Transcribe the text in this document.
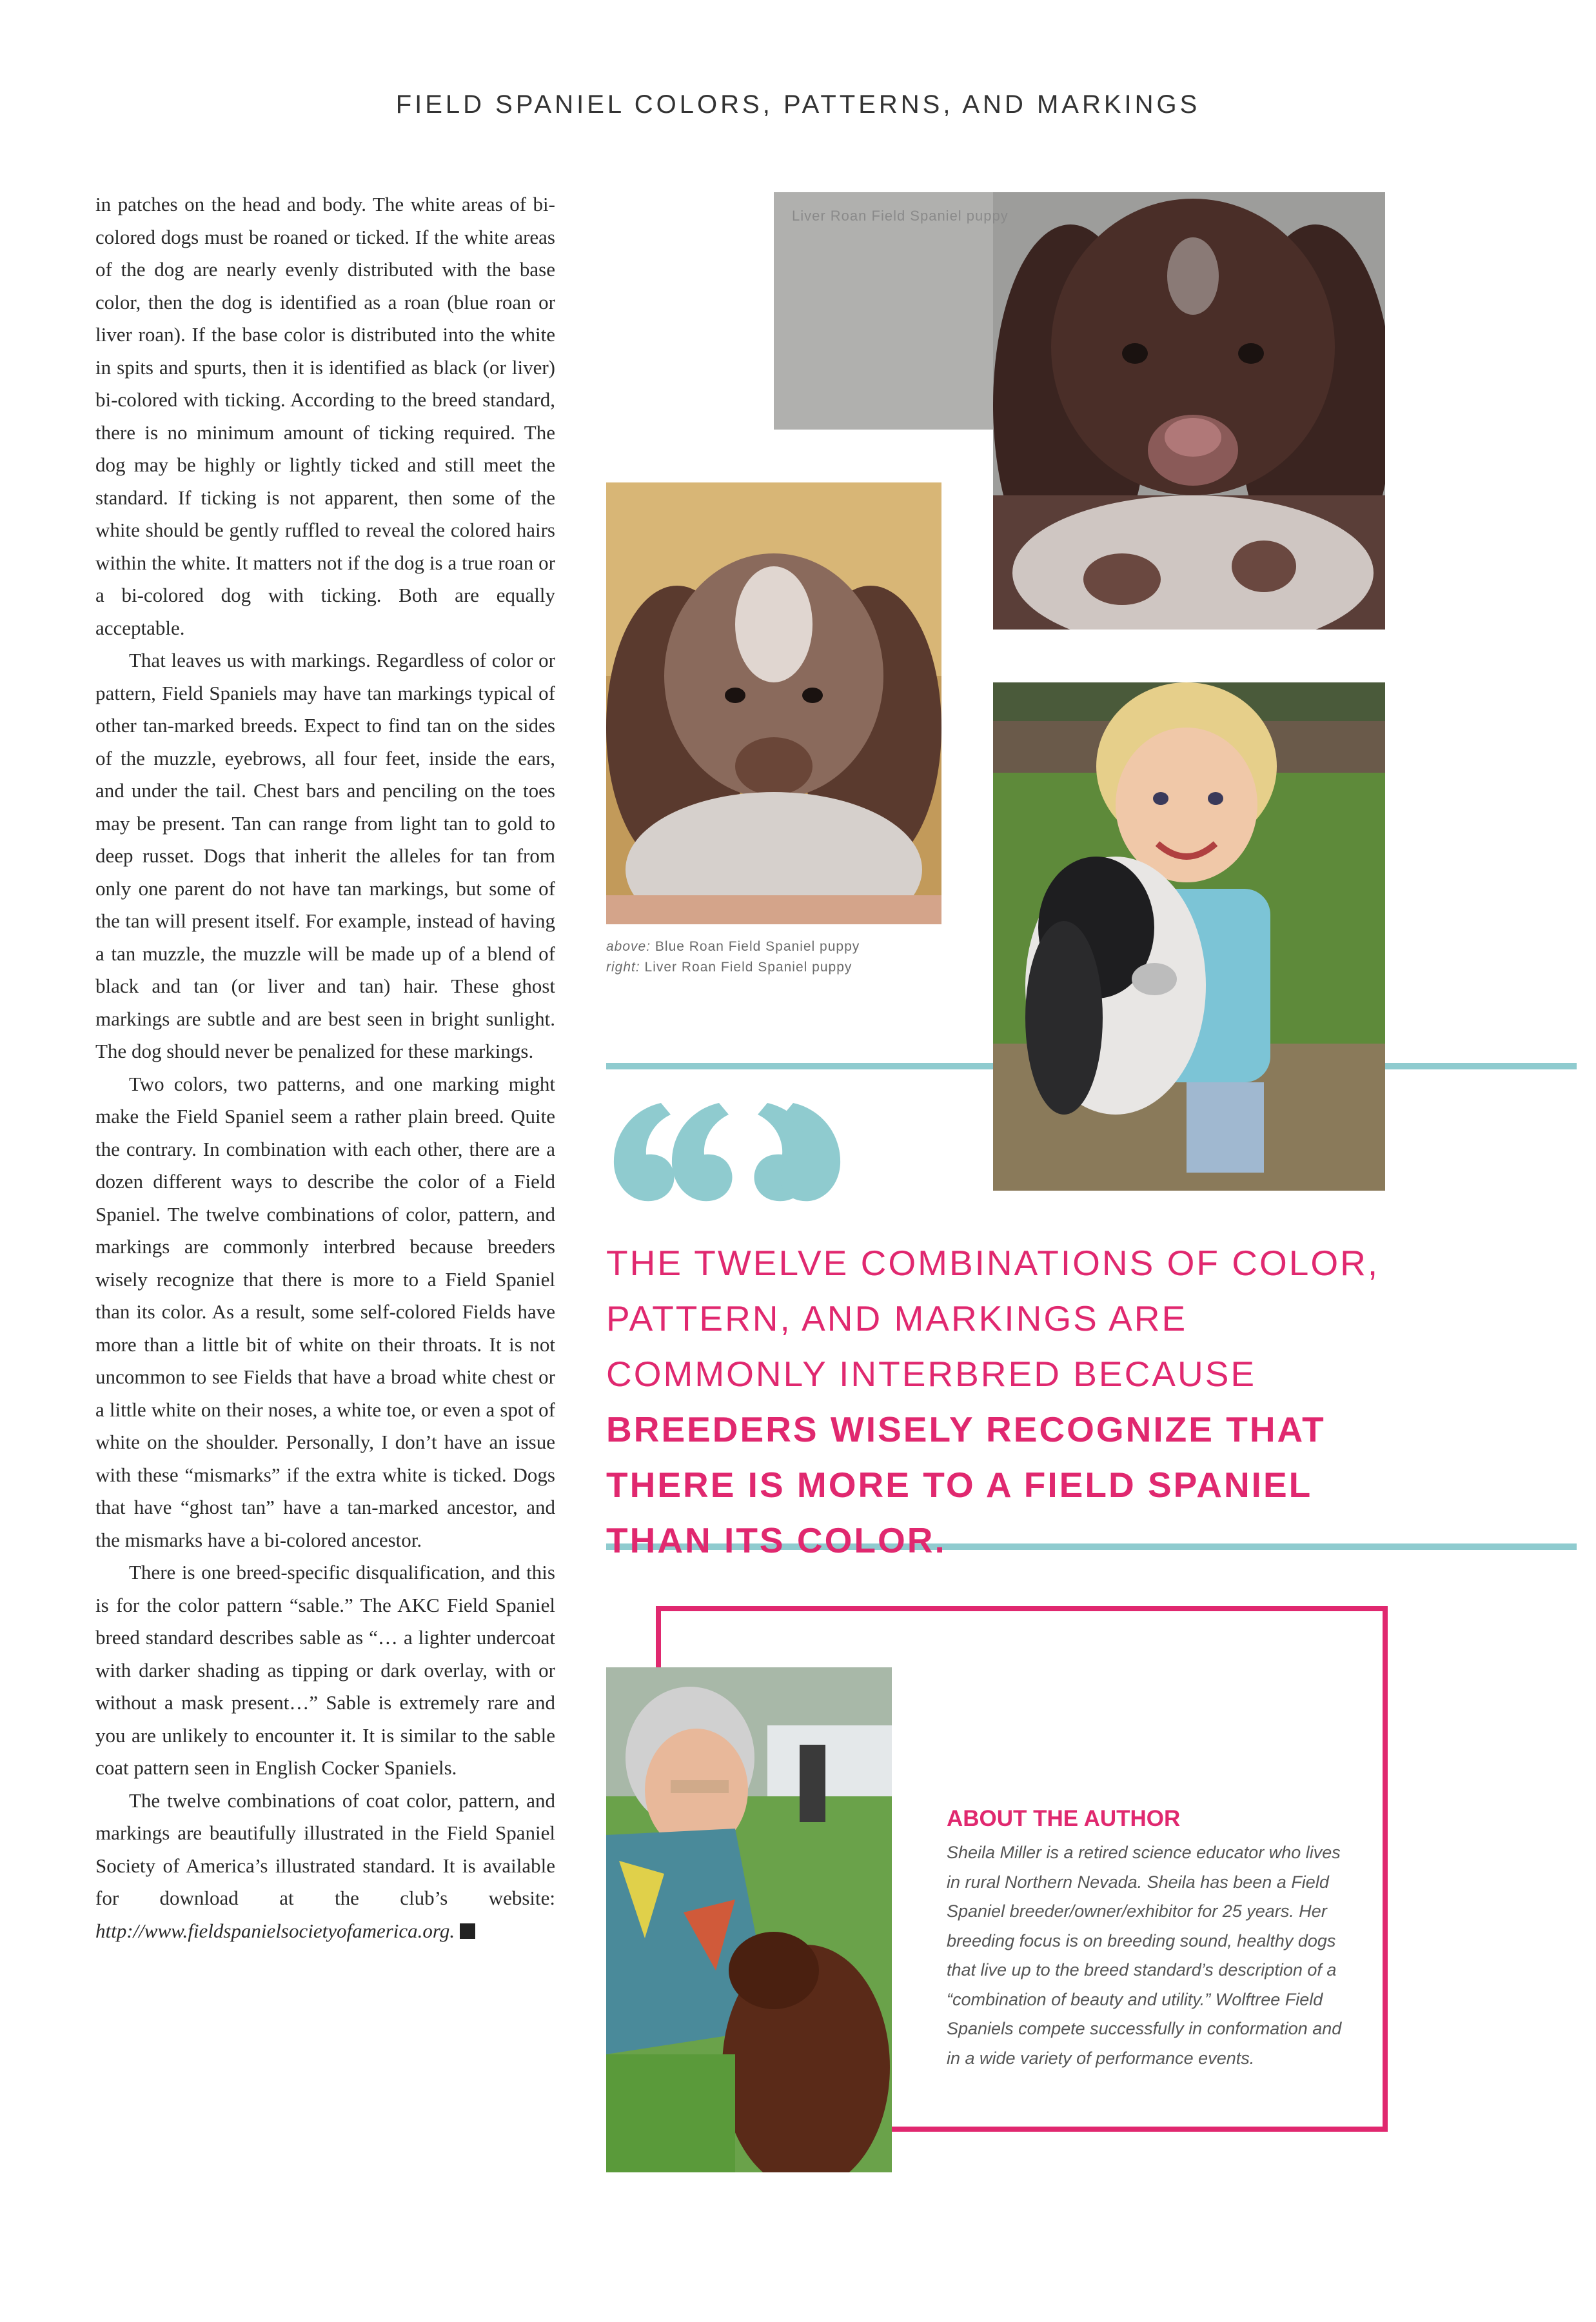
FIELD SPANIEL COLORS, PATTERNS, AND MARKINGS

in patches on the head and body. The white areas of bi-colored dogs must be roaned or ticked. If the white areas of the dog are nearly evenly distributed with the base color, then the dog is identified as a roan (blue roan or liver roan). If the base color is distributed into the white in spits and spurts, then it is identified as black (or liver) bi-colored with ticking. According to the breed standard, there is no minimum amount of ticking required. The dog may be highly or lightly ticked and still meet the standard. If ticking is not apparent, then some of the white should be gently ruffled to reveal the colored hairs within the white. It matters not if the dog is a true roan or a bi-colored dog with ticking. Both are equally acceptable.

That leaves us with markings. Regardless of color or pattern, Field Spaniels may have tan markings typical of other tan-marked breeds. Expect to find tan on the sides of the muzzle, eyebrows, all four feet, inside the ears, and under the tail. Chest bars and penciling on the toes may be present. Tan can range from light tan to gold to deep russet. Dogs that inherit the alleles for tan from only one parent do not have tan markings, but some of the tan will present itself. For example, instead of having a tan muzzle, the muzzle will be made up of a blend of black and tan (or liver and tan) hair. These ghost markings are subtle and are best seen in bright sunlight. The dog should never be penalized for these markings.

Two colors, two patterns, and one marking might make the Field Spaniel seem a rather plain breed. Quite the contrary. In combination with each other, there are a dozen different ways to describe the color of a Field Spaniel. The twelve combinations of color, pattern, and markings are commonly interbred because breeders wisely recognize that there is more to a Field Spaniel than its color. As a result, some self-colored Fields have more than a little bit of white on their throats. It is not uncommon to see Fields that have a broad white chest or a little white on their noses, a white toe, or even a spot of white on the shoulder. Personally, I don’t have an issue with these “mismarks” if the extra white is ticked. Dogs that have “ghost tan” have a tan-marked ancestor, and the mismarks have a bi-colored ancestor.

There is one breed-specific disqualification, and this is for the color pattern “sable.” The AKC Field Spaniel breed standard describes sable as “… a lighter undercoat with darker shading as tipping or dark overlay, with or without a mask present…” Sable is extremely rare and you are unlikely to encounter it. It is similar to the sable coat pattern seen in English Cocker Spaniels.

The twelve combinations of coat color, pattern, and markings are beautifully illustrated in the Field Spaniel Society of America’s illustrated standard. It is available for download at the club’s website: http://www.fieldspanielsocietyofamerica.org.

Liver Roan Field Spaniel puppy
above: Blue Roan Field Spaniel puppy
right: Liver Roan Field Spaniel puppy
THE TWELVE COMBINATIONS OF COLOR, PATTERN, AND MARKINGS ARE COMMONLY INTERBRED BECAUSE BREEDERS WISELY RECOGNIZE THAT THERE IS MORE TO A FIELD SPANIEL THAN ITS COLOR.
ABOUT THE AUTHOR
Sheila Miller is a retired science educator who lives in rural Northern Nevada. Sheila has been a Field Spaniel breeder/owner/exhibitor for 25 years. Her breeding focus is on breeding sound, healthy dogs that live up to the breed standard’s description of a “combination of beauty and utility.” Wolftree Field Spaniels compete successfully in conformation and in a wide variety of performance events.
